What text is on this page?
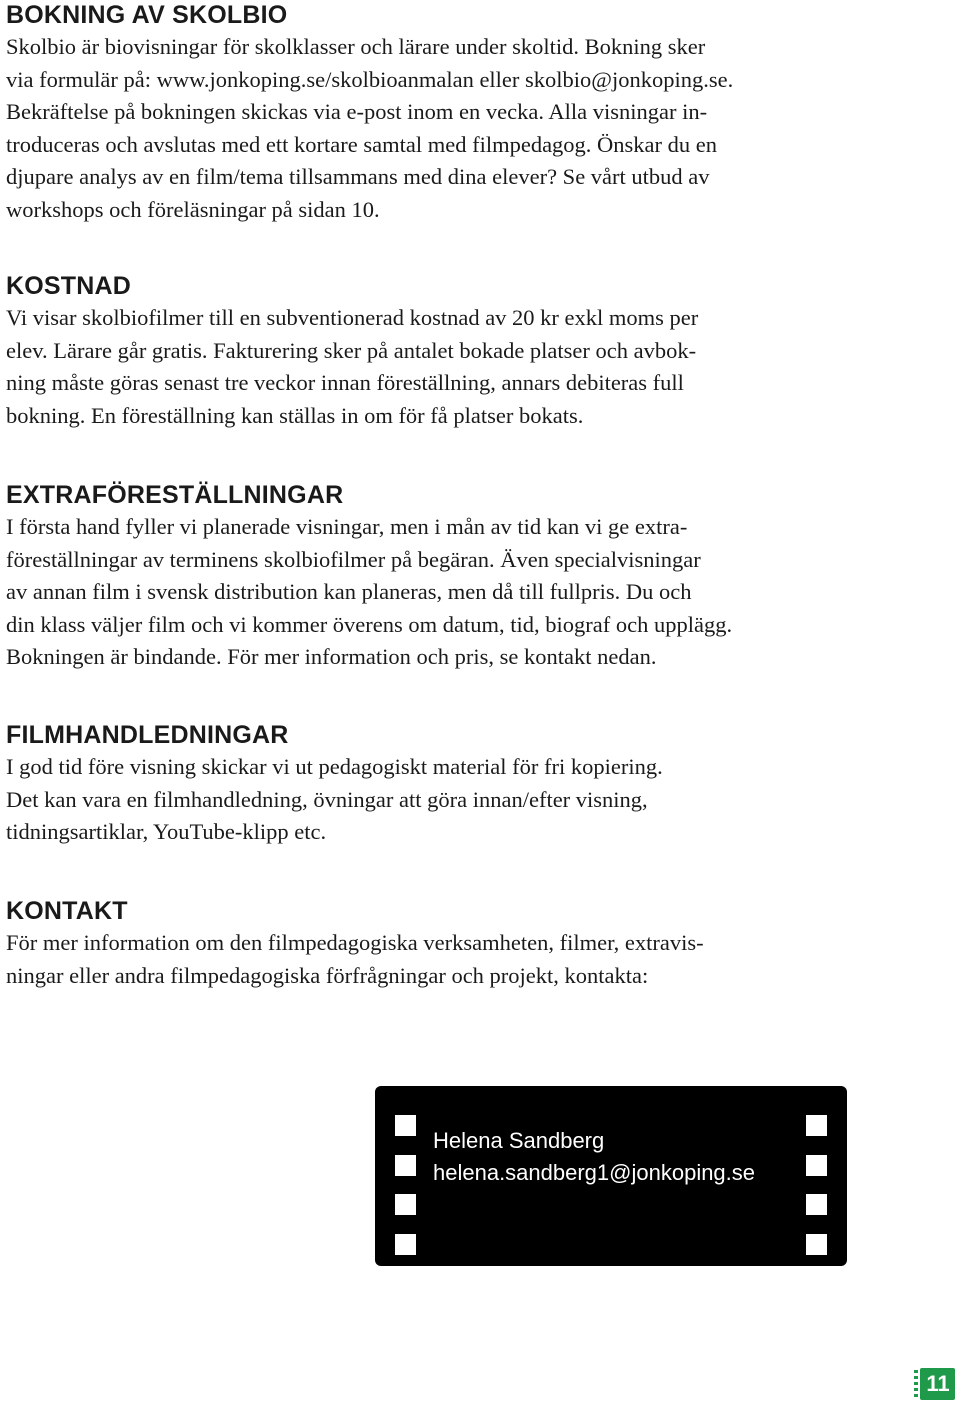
BOKNING AV SKOLBIO

Skolbio är biovisningar för skolklasser och lärare under skoltid. Bokning sker
via formulär på: www.jonkoping.se/skolbioanmalan eller skolbio@jonkoping.se.
Bekräftelse på bokningen skickas via e-post inom en vecka. Alla visningar in-
troduceras och avslutas med ett kortare samtal med filmpedagog. Önskar du en
djupare analys av en film/tema tillsammans med dina elever? Se vårt utbud av
workshops och föreläsningar på sidan 10.

KOSTNAD

Vi visar skolbiofilmer till en subventionerad kostnad av 20 kr exkl moms per
elev. Lärare går gratis. Fakturering sker på antalet bokade platser och avbok-
ning måste göras senast tre veckor innan föreställning, annars debiteras full
bokning. En föreställning kan ställas in om för få platser bokats.

EXTRAFÖRESTÄLLNINGAR

I första hand fyller vi planerade visningar, men i mån av tid kan vi ge extra-
föreställningar av terminens skolbiofilmer på begäran. Även specialvisningar
av annan film i svensk distribution kan planeras, men då till fullpris. Du och
din klass väljer film och vi kommer överens om datum, tid, biograf och upplägg.
Bokningen är bindande. För mer information och pris, se kontakt nedan.

FILMHANDLEDNINGAR

I god tid före visning skickar vi ut pedagogiskt material för fri kopiering.
Det kan vara en filmhandledning, övningar att göra innan/efter visning,
tidningsartiklar, YouTube-klipp etc.

KONTAKT

För mer information om den filmpedagogiska verksamheten, filmer, extravis-
ningar eller andra filmpedagogiska förfrågningar och projekt, kontakta:

Helena Sandberg
helena.sandberg1@jonkoping.se
11
